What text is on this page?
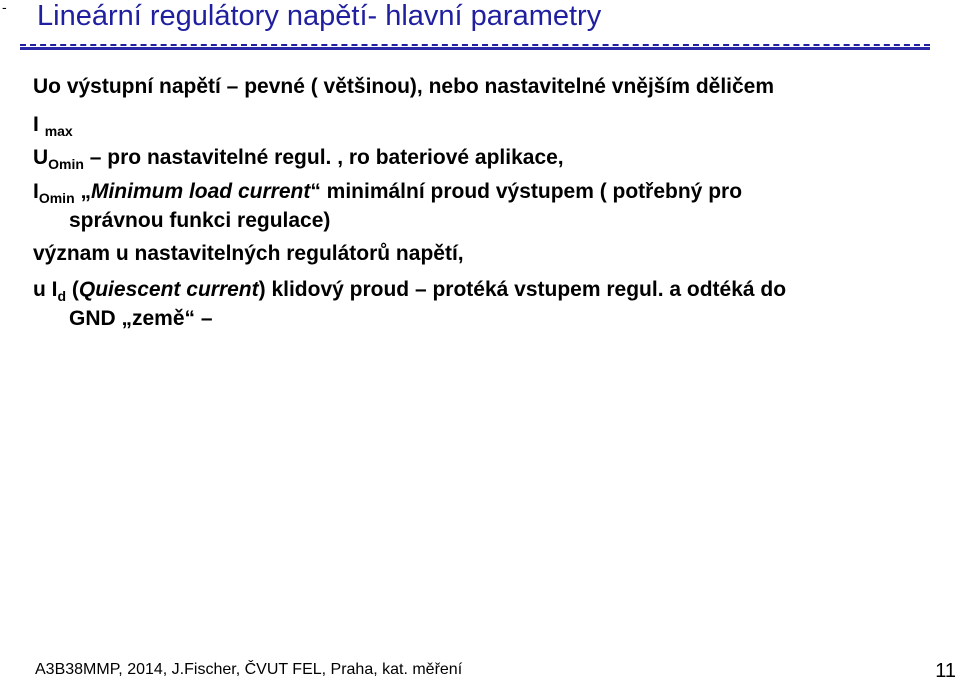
- Lineární regulátory napětí- hlavní parametry
Uo výstupní napětí – pevné ( většinou), nebo nastavitelné vnějším děličem
I $_{max}$
$U_{Omin}$ – pro nastavitelné regul. , ro bateriové aplikace,
$I_{Omin}$ „Minimum load current“ minimální proud výstupem ( potřebný pro
správnou funkci regulace)
význam u nastavitelných regulátorů napětí,
u $I_d$ (Quiescent current) klidový proud – protéká vstupem regul. a odtéká do
GND „země“ –
A3B38MMP, 2014, J.Fischer, ČVUT FEL, Praha, kat. měření	11
